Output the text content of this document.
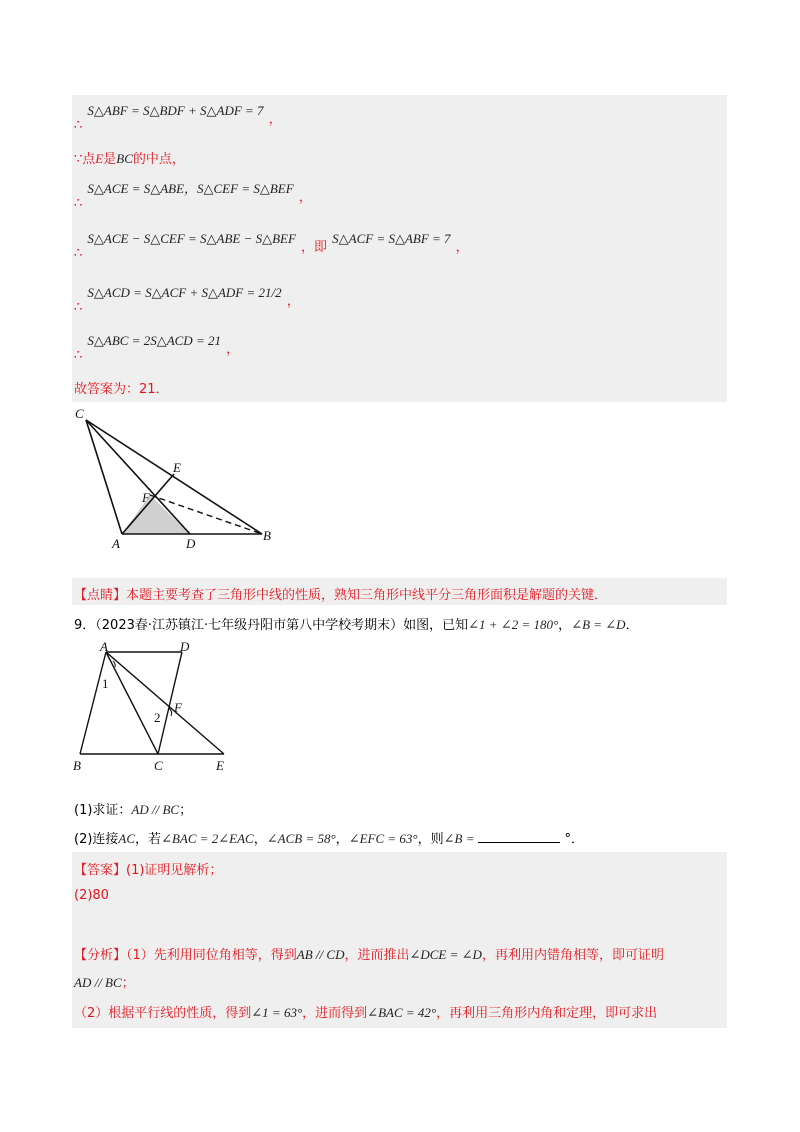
$_\therefore$ S△ABF = S△BDF + S△ADF = 7 $_,$
∵点E是BC的中点，
$_\therefore$ S△ACE = S△ABE，S△CEF = S△BEF $_,$
$_\therefore$ S△ACE − S△CEF = S△ABE − S△BEF $_{,即}$ S△ACF = S△ABF = 7 $_,$
$_\therefore$ S△ACD = S△ACF + S△ADF = 21/2 $_,$
$_\therefore$ S△ABC = 2S△ACD = 21 $_,$
故答案为：21．
C
E
F
A	D
B
【点睛】本题主要考查了三角形中线的性质，熟知三角形中线平分三角形面积是解题的关键．
9．（2023春·江苏镇江·七年级丹阳市第八中学校考期末）如图，已知∠1 + ∠2 = 180°，∠B = ∠D．
A	D
1
2
F
B	C	E
(1)求证：AD // BC；
(2)连接AC，若∠BAC = 2∠EAC，∠ACB = 58°，∠EFC = 63°，则∠B =	°．
【答案】(1)证明见解析；
(2)80
【分析】（1）先利用同位角相等，得到AB // CD，进而推出∠DCE = ∠D，再利用内错角相等，即可证明
AD // BC；
（2）根据平行线的性质，得到∠1 = 63°，进而得到∠BAC = 42°，再利用三角形内角和定理，即可求出
